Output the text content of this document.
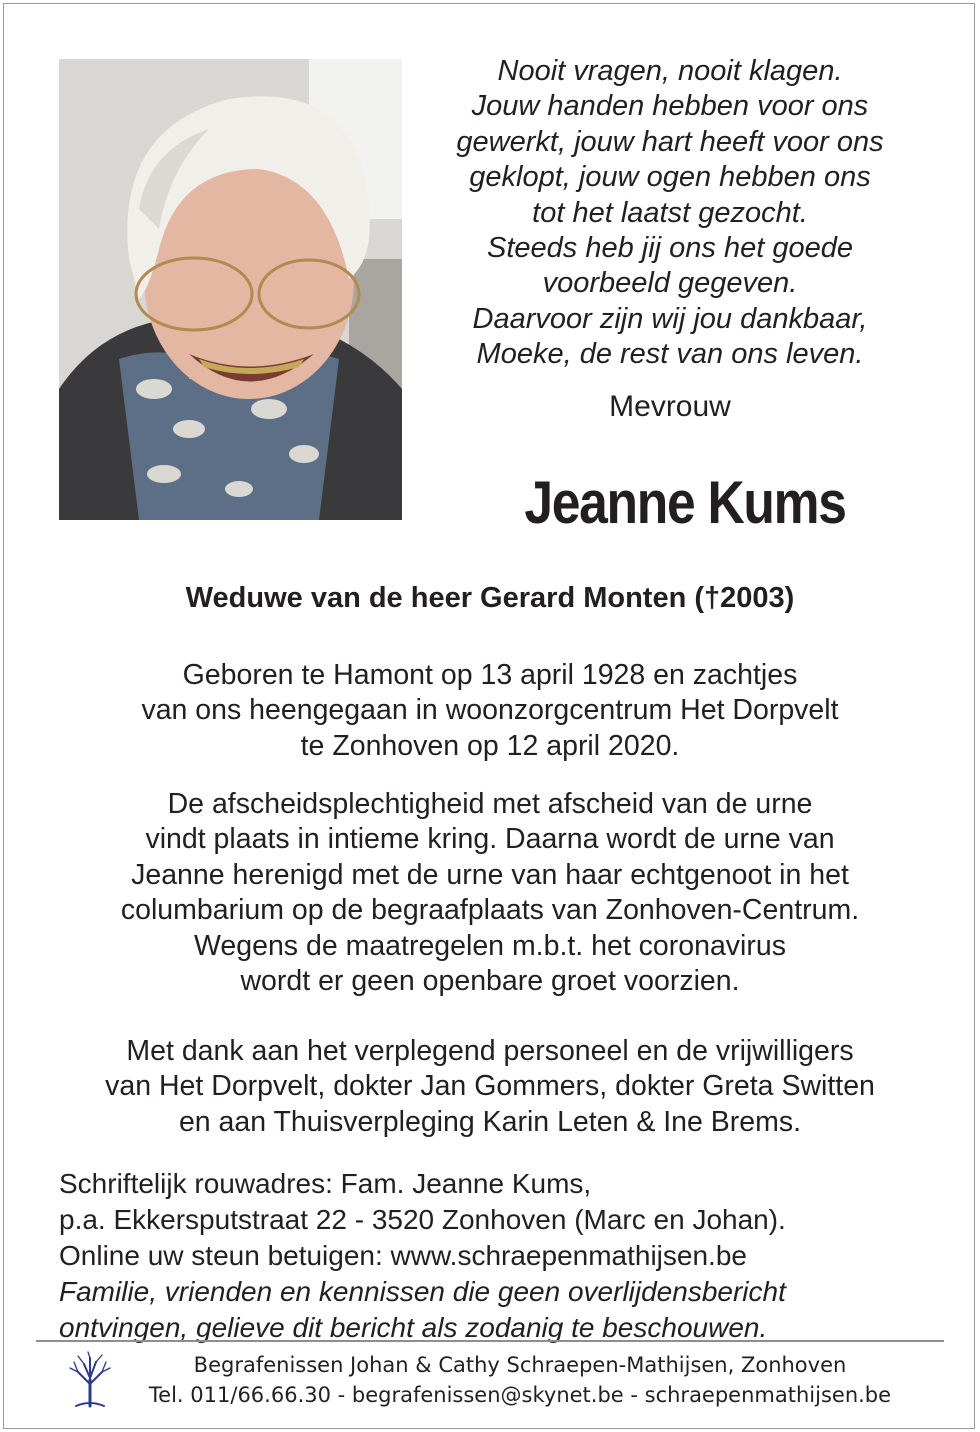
Nooit vragen, nooit klagen.
Jouw handen hebben voor ons
gewerkt, jouw hart heeft voor ons
geklopt, jouw ogen hebben ons
tot het laatst gezocht.
Steeds heb jij ons het goede
voorbeeld gegeven.
Daarvoor zijn wij jou dankbaar,
Moeke, de rest van ons leven.
Mevrouw
Jeanne Kums
Weduwe van de heer Gerard Monten (†2003)
Geboren te Hamont op 13 april 1928 en zachtjes
van ons heengegaan in woonzorgcentrum Het Dorpvelt
te Zonhoven op 12 april 2020.
De afscheidsplechtigheid met afscheid van de urne
vindt plaats in intieme kring. Daarna wordt de urne van
Jeanne herenigd met de urne van haar echtgenoot in het
columbarium op de begraafplaats van Zonhoven-Centrum.
Wegens de maatregelen m.b.t. het coronavirus
wordt er geen openbare groet voorzien.
Met dank aan het verplegend personeel en de vrijwilligers
van Het Dorpvelt, dokter Jan Gommers, dokter Greta Switten
en aan Thuisverpleging Karin Leten & Ine Brems.
Schriftelijk rouwadres: Fam. Jeanne Kums,
p.a. Ekkersputstraat 22 - 3520 Zonhoven (Marc en Johan).
Online uw steun betuigen: www.schraepenmathijsen.be
Familie, vrienden en kennissen die geen overlijdensbericht
ontvingen, gelieve dit bericht als zodanig te beschouwen.
Begrafenissen Johan & Cathy Schraepen-Mathijsen, Zonhoven
Tel. 011/66.66.30 - begrafenissen@skynet.be - schraepenmathijsen.be
